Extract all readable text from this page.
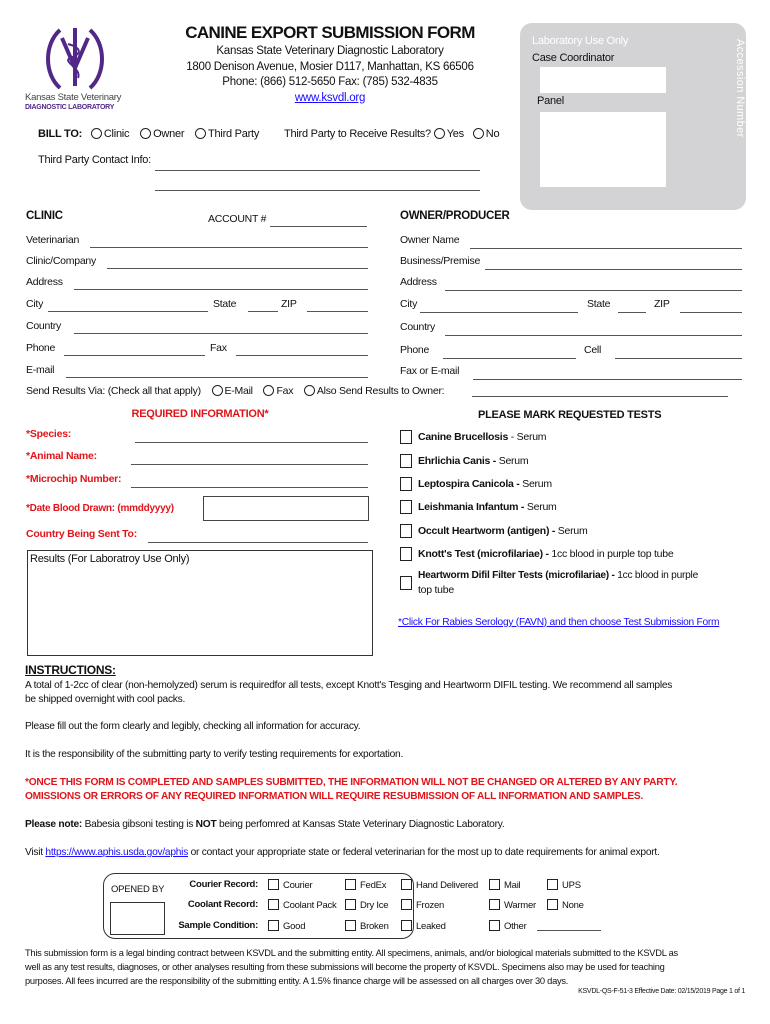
Kansas State Veterinary
DIAGNOSTIC LABORATORY
CANINE EXPORT SUBMISSION FORM
Kansas State Veterinary Diagnostic Laboratory
1800 Denison Avenue, Mosier D117, Manhattan, KS 66506
Phone: (866) 512-5650 Fax: (785) 532-4835
www.ksvdl.org
Laboratory Use Only
Case Coordinator
Panel	Accession Number
BILL TO: Clinic Owner Third Party Third Party to Receive Results? Yes No
Third Party Contact Info:
CLINIC	ACCOUNT #
Veterinarian
Clinic/Company
Address
City	State	ZIP
Country
Phone	Fax
E-mail
OWNER/PRODUCER
Owner Name
Business/Premise
Address
City	State	ZIP
Country
Phone	Cell
Fax or E-mail
Send Results Via: (Check all that apply) E-Mail Fax Also Send Results to Owner:
REQUIRED INFORMATION*
*Species:
*Animal Name:
*Microchip Number:
*Date Blood Drawn: (mmddyyyy)
Country Being Sent To:
Results (For Laboratroy Use Only)
PLEASE MARK REQUESTED TESTS
Canine Brucellosis - Serum
Ehrlichia Canis - Serum
Leptospira Canicola - Serum
Leishmania Infantum - Serum
Occult Heartworm (antigen) - Serum
Knott's Test (microfilariae) - 1cc blood in purple top tube
Heartworm Difil Filter Tests (microfilariae) - 1cc blood in purple
top tube
*Click For Rabies Serology (FAVN) and then choose Test Submission Form
INSTRUCTIONS:
A total of 1-2cc of clear (non-hemolyzed) serum is requiredfor all tests, except Knott's Tesging and Heartworm DIFIL testing. We recommend all samples
be shipped overnight with cool packs.
Please fill out the form clearly and legibly, checking all information for accuracy.
It is the responsibility of the submitting party to verify testing requirements for exportation.
*ONCE THIS FORM IS COMPLETED AND SAMPLES SUBMITTED, THE INFORMATION WILL NOT BE CHANGED OR ALTERED BY ANY PARTY.
OMISSIONS OR ERRORS OF ANY REQUIRED INFORMATION WILL REQUIRE RESUBMISSION OF ALL INFORMATION AND SAMPLES.
Please note: Babesia gibsoni testing is NOT being perfomred at Kansas State Veterinary Diagnostic Laboratory.
Visit https://www.aphis.usda.gov/aphis or contact your appropriate state or federal veterinarian for the most up to date requirements for animal export.
OPENED BY	Courier Record:
Coolant Record:
Sample Condition:
Courier	FedEx	Hand Delivered	Mail	UPS
Coolant Pack	Dry Ice	Frozen	Warmer	None
Good	Broken	Leaked	Other
This submission form is a legal binding contract between KSVDL and the submitting entity. All specimens, animals, and/or biological materials submitted to the KSVDL as
well as any test results, diagnoses, or other analyses resulting from these submissions will become the property of KSVDL. Specimens also may be used for teaching
purposes. All fees incurred are the responsibility of the submitting entity. A 1.5% finance charge will be assessed on all charges over 30 days.
KSVDL-QS-F-51-3 Effective Date: 02/15/2019 Page 1 of 1
